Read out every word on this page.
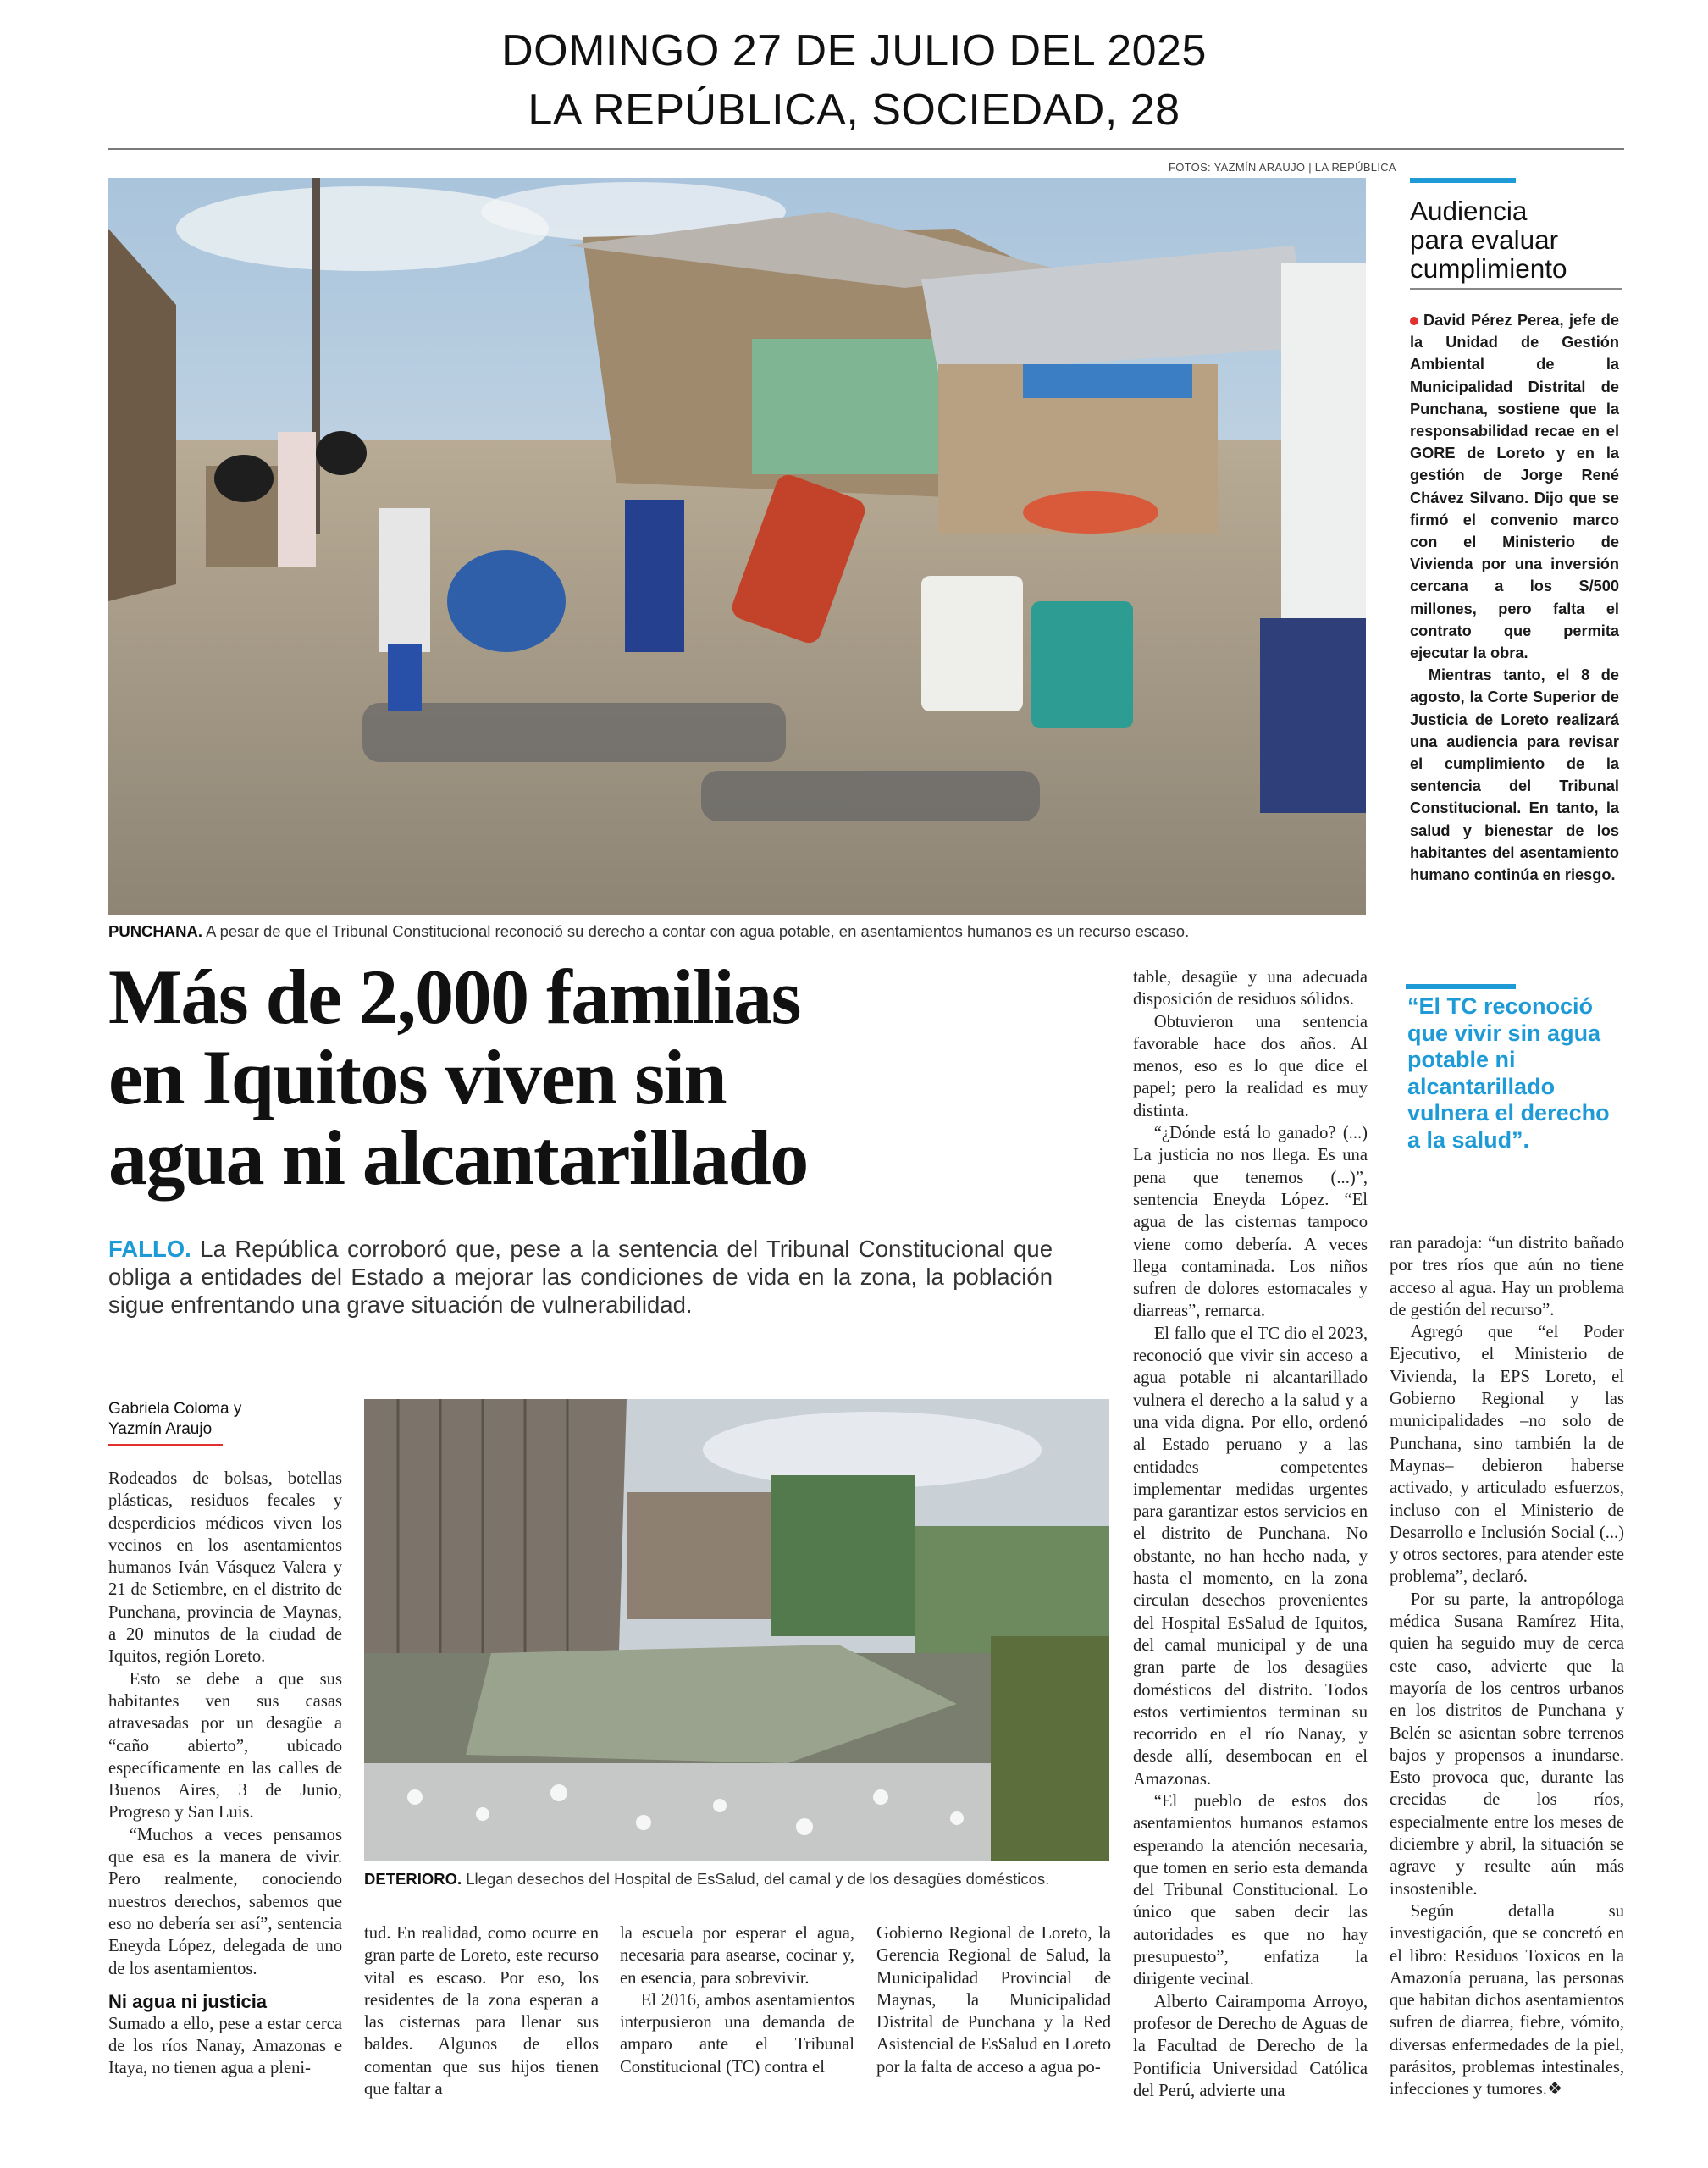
DOMINGO 27 DE JULIO DEL 2025
LA REPÚBLICA, SOCIEDAD, 28
FOTOS: YAZMÍN ARAUJO | LA REPÚBLICA
PUNCHANA. A pesar de que el Tribunal Constitucional reconoció su derecho a contar con agua potable, en asentamientos humanos es un recurso escaso.
Audiencia
para evaluar
cumplimiento

David Pérez Perea, jefe de la Unidad de Gestión Ambiental de la Municipalidad Distrital de Punchana, sostiene que la responsabilidad recae en el GORE de Loreto y en la gestión de Jorge René Chávez Silvano. Dijo que se firmó el convenio marco con el Ministerio de Vivienda por una inversión cercana a los S/500 millones, pero falta el contrato que permita ejecutar la obra.

Mientras tanto, el 8 de agosto, la Corte Superior de Justicia de Loreto realizará una audiencia para revisar el cumplimiento de la sentencia del Tribunal Constitucional. En tanto, la salud y bienestar de los habitantes del asentamiento humano continúa en riesgo.

“El TC reconoció que vivir sin agua potable ni alcantarillado vulnera el derecho a la salud”.
Más de 2,000 familias
en Iquitos viven sin
agua ni alcantarillado
FALLO. La República corroboró que, pese a la sentencia del Tribunal Constitucional que obliga a entidades del Estado a mejorar las condiciones de vida en la zona, la población sigue enfrentando una grave situación de vulnerabilidad.
Gabriela Coloma y
Yazmín Araujo

Rodeados de bolsas, botellas plásticas, residuos fecales y desperdicios médicos viven los vecinos en los asentamientos humanos Iván Vásquez Valera y 21 de Setiembre, en el distrito de Punchana, provincia de Maynas, a 20 minutos de la ciudad de Iquitos, región Loreto.

Esto se debe a que sus habitantes ven sus casas atravesadas por un desagüe a “caño abierto”, ubicado específicamente en las calles de Buenos Aires, 3 de Junio, Progreso y San Luis.

“Muchos a veces pensamos que esa es la manera de vivir. Pero realmente, conociendo nuestros derechos, sabemos que eso no debería ser así”, sentencia Eneyda López, delegada de uno de los asentamientos.

Ni agua ni justicia

Sumado a ello, pese a estar cerca de los ríos Nanay, Amazonas e Itaya, no tienen agua a pleni-

DETERIORO. Llegan desechos del Hospital de EsSalud, del camal y de los desagües domésticos.

tud. En realidad, como ocurre en gran parte de Loreto, este recurso vital es escaso. Por eso, los residentes de la zona esperan a las cisternas para llenar sus baldes. Algunos de ellos comentan que sus hijos tienen que faltar a

la escuela por esperar el agua, necesaria para asearse, cocinar y, en esencia, para sobrevivir.

El 2016, ambos asentamientos interpusieron una demanda de amparo ante el Tribunal Constitucional (TC) contra el

Gobierno Regional de Loreto, la Gerencia Regional de Salud, la Municipalidad Provincial de Maynas, la Municipalidad Distrital de Punchana y la Red Asistencial de EsSalud en Loreto por la falta de acceso a agua po-

table, desagüe y una adecuada disposición de residuos sólidos.

Obtuvieron una sentencia favorable hace dos años. Al menos, eso es lo que dice el papel; pero la realidad es muy distinta.

“¿Dónde está lo ganado? (...) La justicia no nos llega. Es una pena que tenemos (...)”, sentencia Eneyda López. “El agua de las cisternas tampoco viene como debería. A veces llega contaminada. Los niños sufren de dolores estomacales y diarreas”, remarca.

El fallo que el TC dio el 2023, reconoció que vivir sin acceso a agua potable ni alcantarillado vulnera el derecho a la salud y a una vida digna. Por ello, ordenó al Estado peruano y a las entidades competentes implementar medidas urgentes para garantizar estos servicios en el distrito de Punchana. No obstante, no han hecho nada, y hasta el momento, en la zona circulan desechos provenientes del Hospital EsSalud de Iquitos, del camal municipal y de una gran parte de los desagües domésticos del distrito. Todos estos vertimientos terminan su recorrido en el río Nanay, y desde allí, desembocan en el Amazonas.

“El pueblo de estos dos asentamientos humanos estamos esperando la atención necesaria, que tomen en serio esta demanda del Tribunal Constitucional. Lo único que saben decir las autoridades es que no hay presupuesto”, enfatiza la dirigente vecinal.

Alberto Cairampoma Arroyo, profesor de Derecho de Aguas de la Facultad de Derecho de la Pontificia Universidad Católica del Perú, advierte una

ran paradoja: “un distrito bañado por tres ríos que aún no tiene acceso al agua. Hay un problema de gestión del recurso”.

Agregó que “el Poder Ejecutivo, el Ministerio de Vivienda, la EPS Loreto, el Gobierno Regional y las municipalidades –no solo de Punchana, sino también la de Maynas– debieron haberse activado, y articulado esfuerzos, incluso con el Ministerio de Desarrollo e Inclusión Social (...) y otros sectores, para atender este problema”, declaró.

Por su parte, la antropóloga médica Susana Ramírez Hita, quien ha seguido muy de cerca este caso, advierte que la mayoría de los centros urbanos en los distritos de Punchana y Belén se asientan sobre terrenos bajos y propensos a inundarse. Esto provoca que, durante las crecidas de los ríos, especialmente entre los meses de diciembre y abril, la situación se agrave y resulte aún más insostenible.

Según detalla su investigación, que se concretó en el libro: Residuos Toxicos en la Amazonía peruana, las personas que habitan dichos asentamientos sufren de diarrea, fiebre, vómito, diversas enfermedades de la piel, parásitos, problemas intestinales, infecciones y tumores.❖
